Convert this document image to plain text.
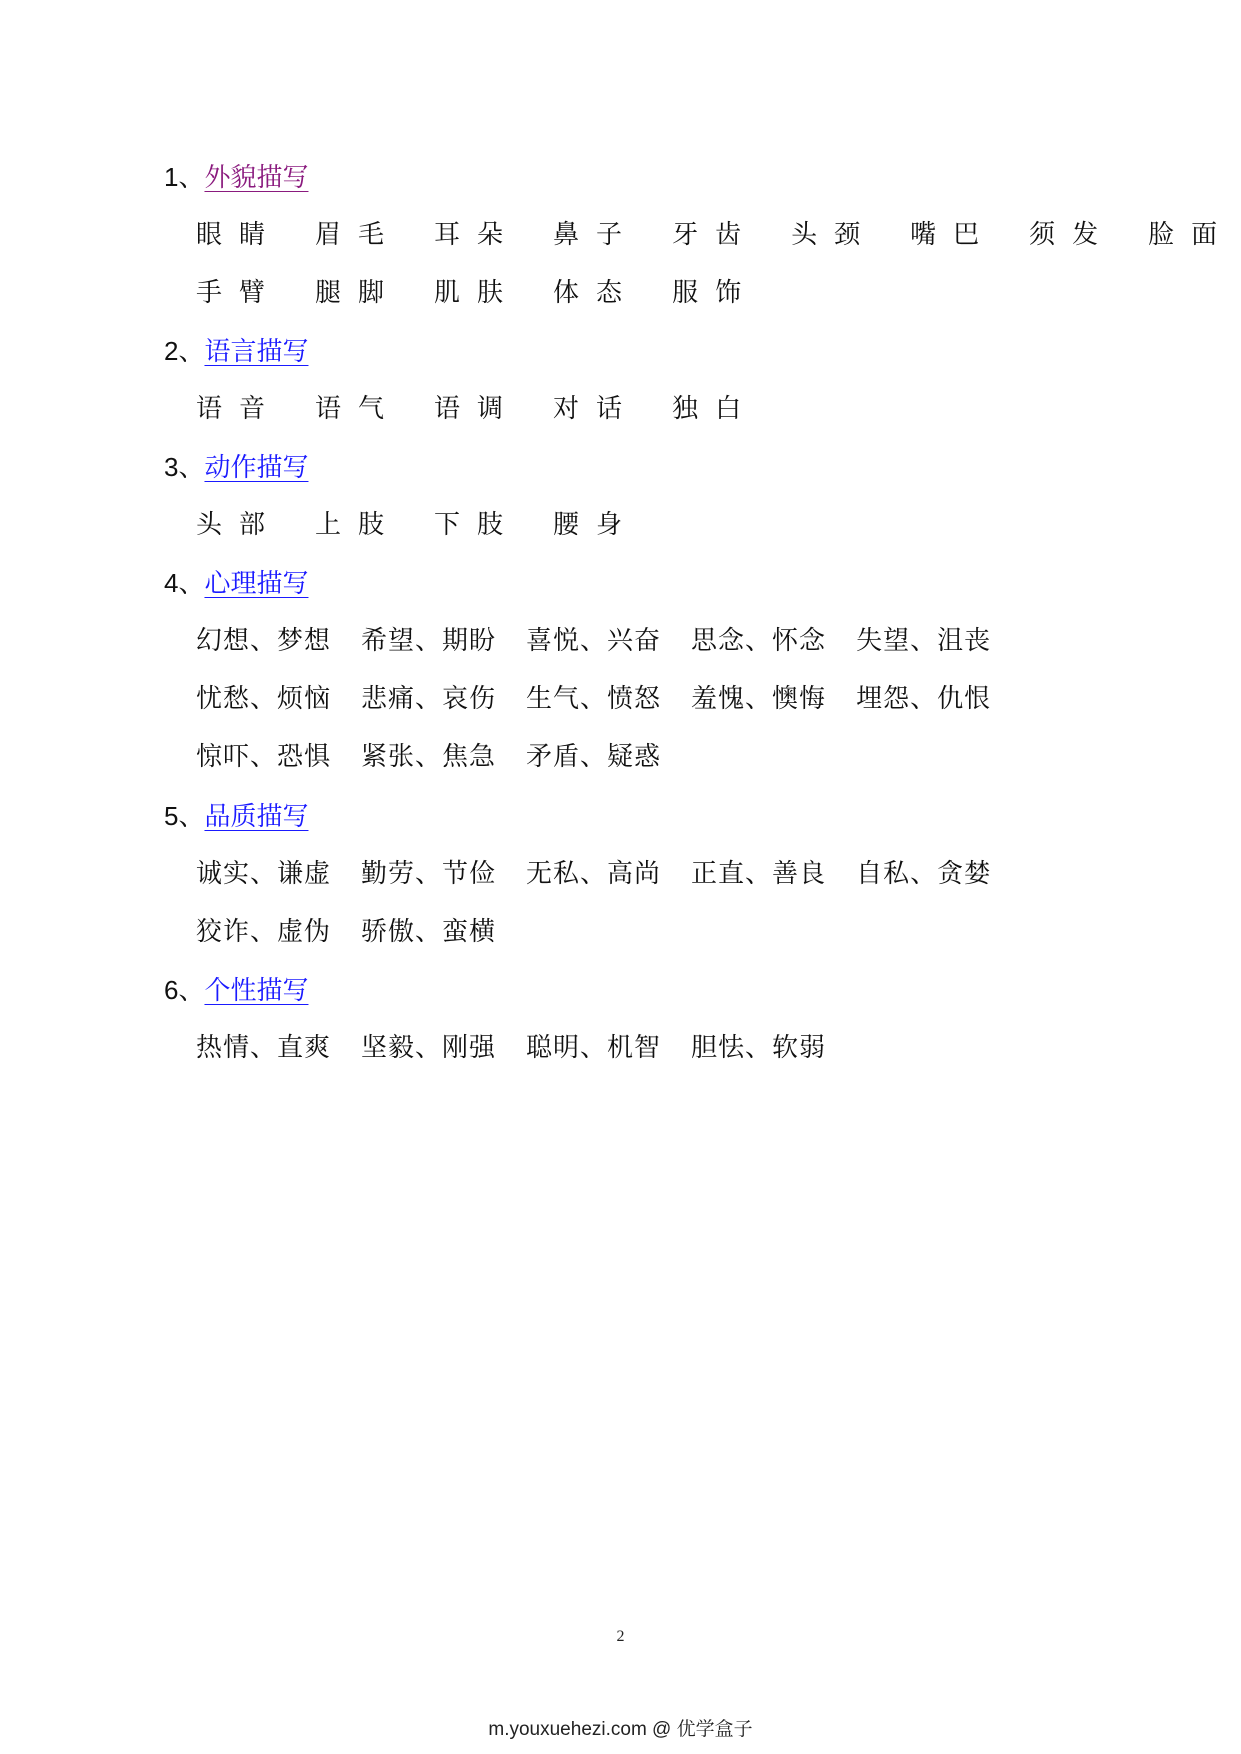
1、外貌描写
眼睛 眉毛 耳朵 鼻子 牙齿 头颈 嘴巴 须发 脸面
手臂 腿脚 肌肤 体态 服饰
2、语言描写
语音 语气 语调 对话 独白
3、动作描写
头部 上肢 下肢 腰身
4、心理描写
幻想、梦想 希望、期盼 喜悦、兴奋 思念、怀念 失望、沮丧
忧愁、烦恼 悲痛、哀伤 生气、愤怒 羞愧、懊悔 埋怨、仇恨
惊吓、恐惧 紧张、焦急 矛盾、疑惑
5、品质描写
诚实、谦虚 勤劳、节俭 无私、高尚 正直、善良 自私、贪婪
狡诈、虚伪 骄傲、蛮横
6、个性描写
热情、直爽 坚毅、刚强 聪明、机智 胆怯、软弱
2
m.youxuehezi.com @ 优学盒子
